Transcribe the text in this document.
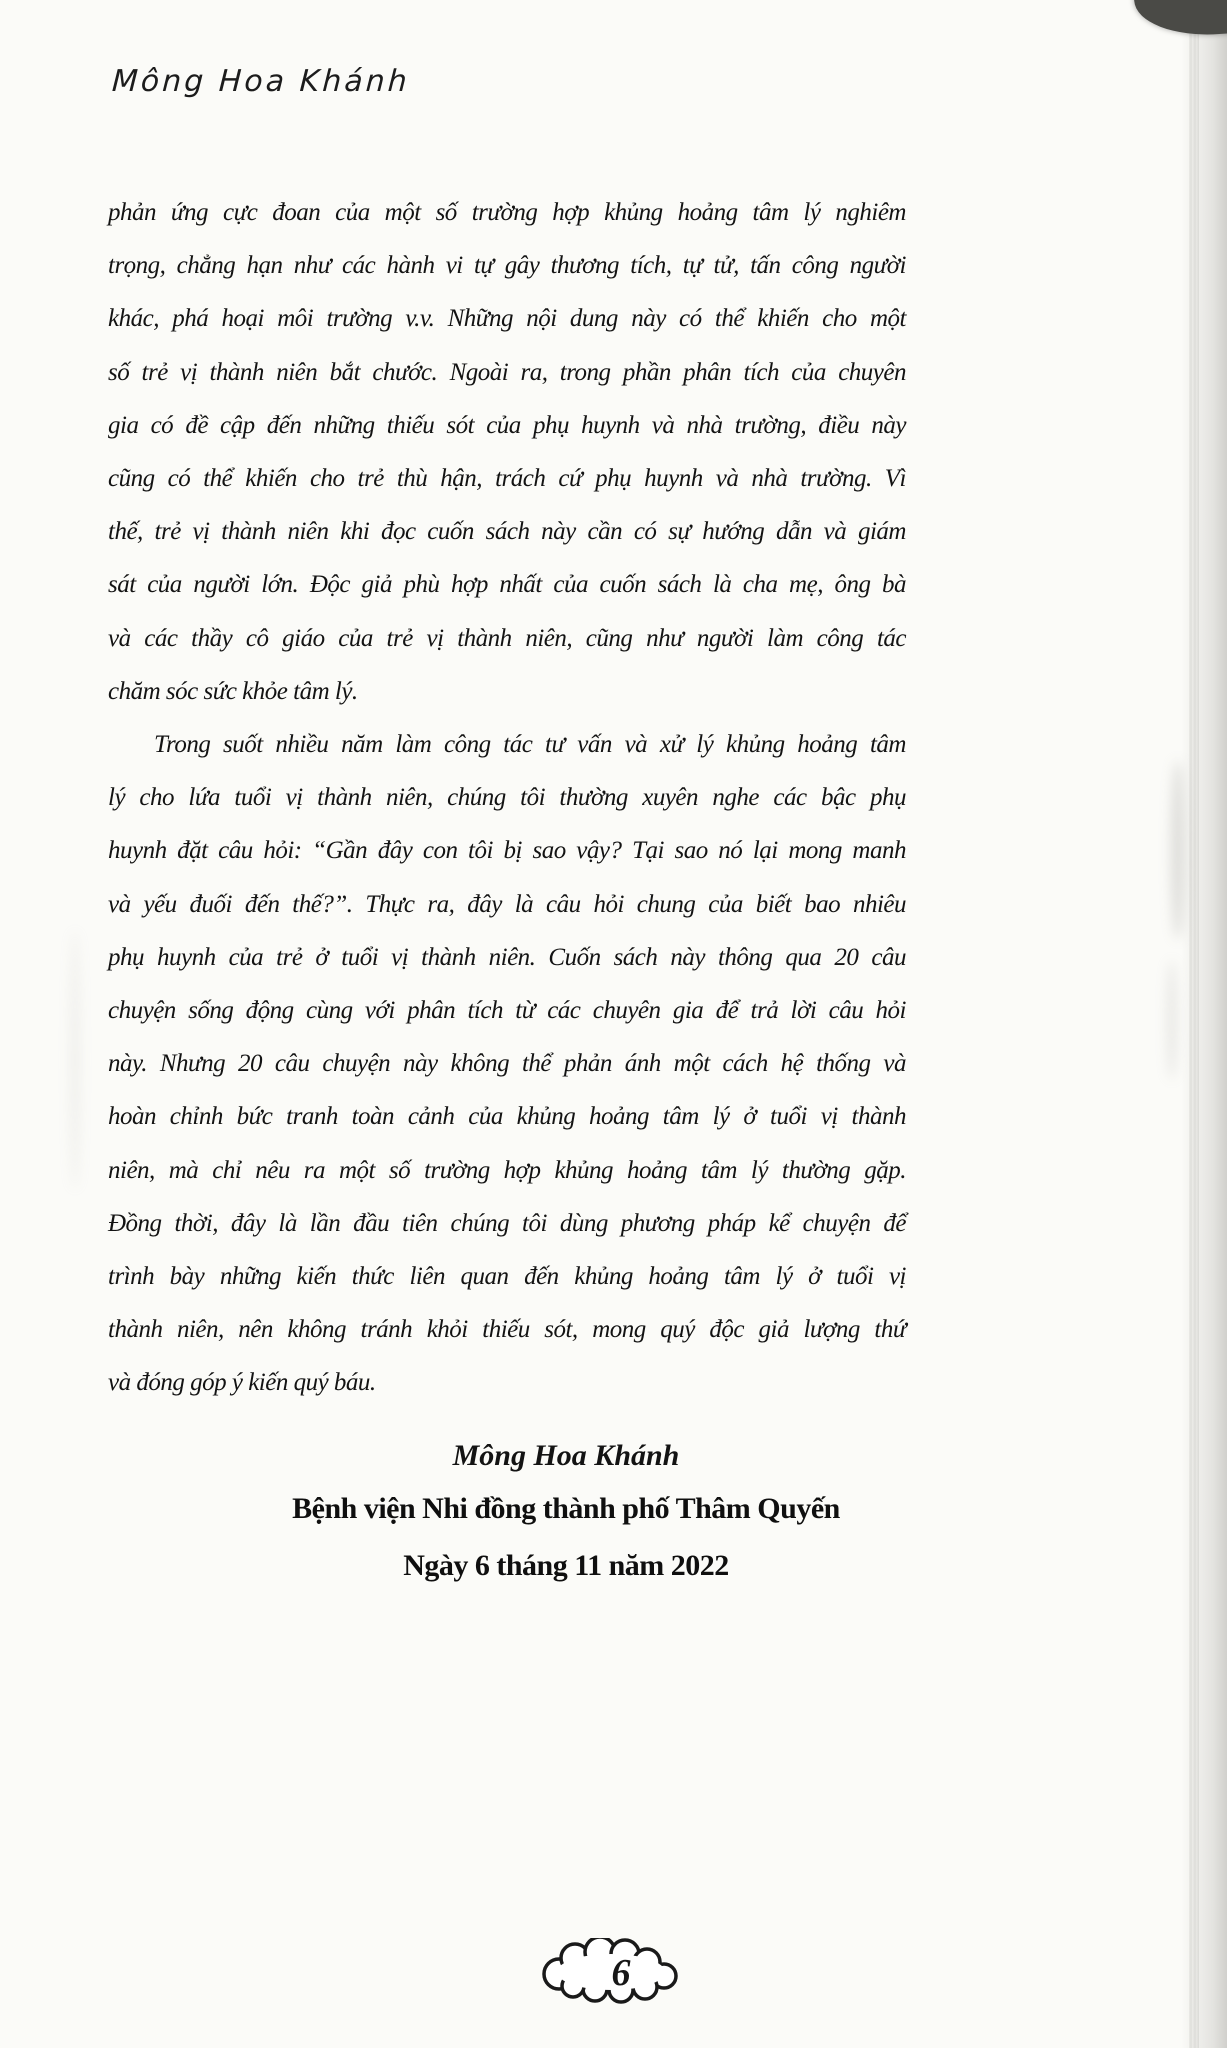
Mông Hoa Khánh
phản ứng cực đoan của một số trường hợp khủng hoảng tâm lý nghiêm
trọng, chẳng hạn như các hành vi tự gây thương tích, tự tử, tấn công người
khác, phá hoại môi trường v.v. Những nội dung này có thể khiến cho một
số trẻ vị thành niên bắt chước. Ngoài ra, trong phần phân tích của chuyên
gia có đề cập đến những thiếu sót của phụ huynh và nhà trường, điều này
cũng có thể khiến cho trẻ thù hận, trách cứ phụ huynh và nhà trường. Vì
thế, trẻ vị thành niên khi đọc cuốn sách này cần có sự hướng dẫn và giám
sát của người lớn. Độc giả phù hợp nhất của cuốn sách là cha mẹ, ông bà
và các thầy cô giáo của trẻ vị thành niên, cũng như người làm công tác
chăm sóc sức khỏe tâm lý.
Trong suốt nhiều năm làm công tác tư vấn và xử lý khủng hoảng tâm
lý cho lứa tuổi vị thành niên, chúng tôi thường xuyên nghe các bậc phụ
huynh đặt câu hỏi: “Gần đây con tôi bị sao vậy? Tại sao nó lại mong manh
và yếu đuối đến thế?”. Thực ra, đây là câu hỏi chung của biết bao nhiêu
phụ huynh của trẻ ở tuổi vị thành niên. Cuốn sách này thông qua 20 câu
chuyện sống động cùng với phân tích từ các chuyên gia để trả lời câu hỏi
này. Nhưng 20 câu chuyện này không thể phản ánh một cách hệ thống và
hoàn chỉnh bức tranh toàn cảnh của khủng hoảng tâm lý ở tuổi vị thành
niên, mà chỉ nêu ra một số trường hợp khủng hoảng tâm lý thường gặp.
Đồng thời, đây là lần đầu tiên chúng tôi dùng phương pháp kể chuyện để
trình bày những kiến thức liên quan đến khủng hoảng tâm lý ở tuổi vị
thành niên, nên không tránh khỏi thiếu sót, mong quý độc giả lượng thứ
và đóng góp ý kiến quý báu.
Mông Hoa Khánh
Bệnh viện Nhi đồng thành phố Thâm Quyến
Ngày 6 tháng 11 năm 2022
6
